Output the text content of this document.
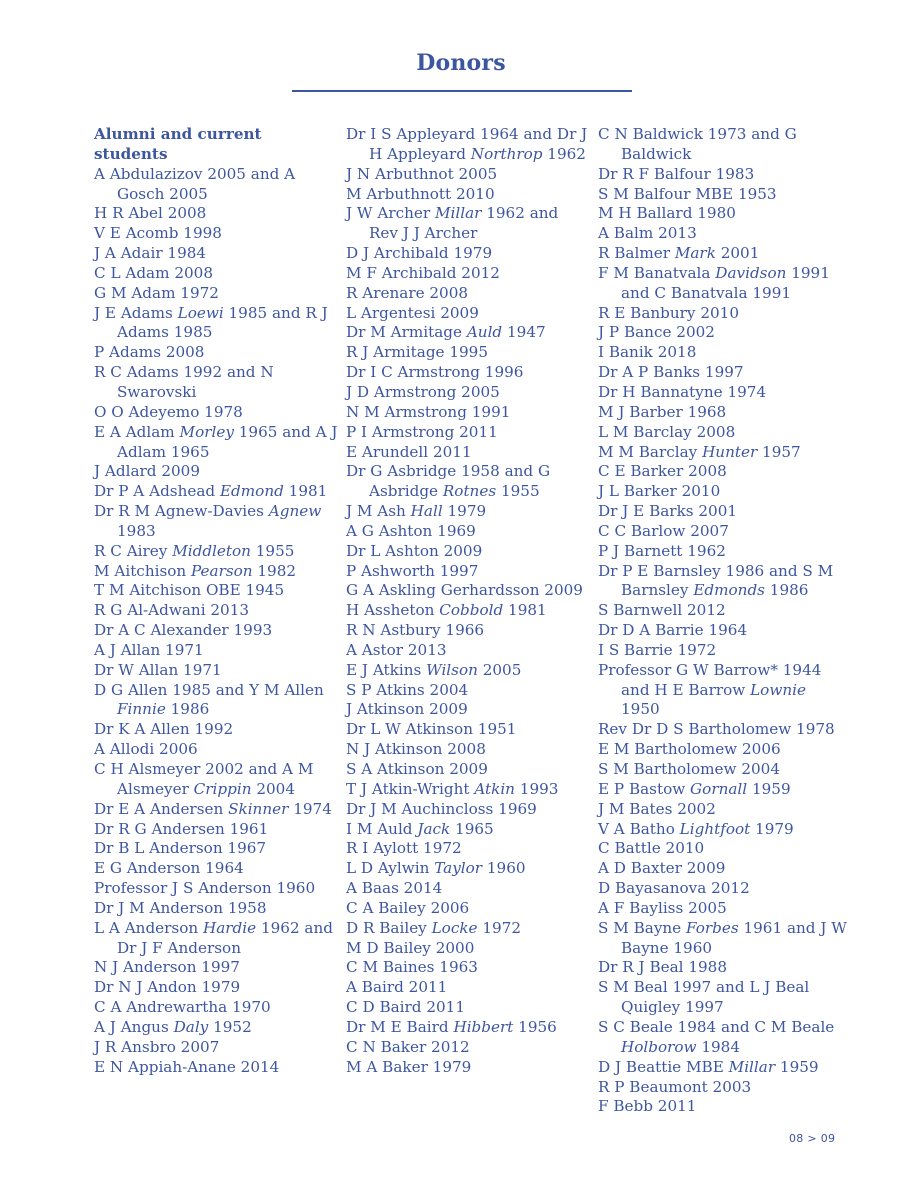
Donors
Alumni and current students
A Abdulazizov 2005 and A Gosch 2005
H R Abel 2008
V E Acomb 1998
J A Adair 1984
C L Adam 2008
G M Adam 1972
J E Adams Loewi 1985 and R J Adams 1985
P Adams 2008
R C Adams 1992 and N Swarovski
O O Adeyemo 1978
E A Adlam Morley 1965 and A J Adlam 1965
J Adlard 2009
Dr P A Adshead Edmond 1981
Dr R M Agnew-Davies Agnew 1983
R C Airey Middleton 1955
M Aitchison Pearson 1982
T M Aitchison OBE 1945
R G Al-Adwani 2013
Dr A C Alexander 1993
A J Allan 1971
Dr W Allan 1971
D G Allen 1985 and Y M Allen Finnie 1986
Dr K A Allen 1992
A Allodi 2006
C H Alsmeyer 2002 and A M Alsmeyer Crippin 2004
Dr E A Andersen Skinner 1974
Dr R G Andersen 1961
Dr B L Anderson 1967
E G Anderson 1964
Professor J S Anderson 1960
Dr J M Anderson 1958
L A Anderson Hardie 1962 and Dr J F Anderson
N J Anderson 1997
Dr N J Andon 1979
C A Andrewartha 1970
A J Angus Daly 1952
J R Ansbro 2007
E N Appiah-Anane 2014
Dr I S Appleyard 1964 and Dr J H Appleyard Northrop 1962
J N Arbuthnot 2005
M Arbuthnott 2010
J W Archer Millar 1962 and Rev J J Archer
D J Archibald 1979
M F Archibald 2012
R Arenare 2008
L Argentesi 2009
Dr M Armitage Auld 1947
R J Armitage 1995
Dr I C Armstrong 1996
J D Armstrong 2005
N M Armstrong 1991
P I Armstrong 2011
E Arundell 2011
Dr G Asbridge 1958 and G Asbridge Rotnes 1955
J M Ash Hall 1979
A G Ashton 1969
Dr L Ashton 2009
P Ashworth 1997
G A Askling Gerhardsson 2009
H Assheton Cobbold 1981
R N Astbury 1966
A Astor 2013
E J Atkins Wilson 2005
S P Atkins 2004
J Atkinson 2009
Dr L W Atkinson 1951
N J Atkinson 2008
S A Atkinson 2009
T J Atkin-Wright Atkin 1993
Dr J M Auchincloss 1969
I M Auld Jack 1965
R I Aylott 1972
L D Aylwin Taylor 1960
A Baas 2014
C A Bailey 2006
D R Bailey Locke 1972
M D Bailey 2000
C M Baines 1963
A Baird 2011
C D Baird 2011
Dr M E Baird Hibbert 1956
C N Baker 2012
M A Baker 1979
C N Baldwick 1973 and G Baldwick
Dr R F Balfour 1983
S M Balfour MBE 1953
M H Ballard 1980
A Balm 2013
R Balmer Mark 2001
F M Banatvala Davidson 1991 and C Banatvala 1991
R E Banbury 2010
J P Bance 2002
I Banik 2018
Dr A P Banks 1997
Dr H Bannatyne 1974
M J Barber 1968
L M Barclay 2008
M M Barclay Hunter 1957
C E Barker 2008
J L Barker 2010
Dr J E Barks 2001
C C Barlow 2007
P J Barnett 1962
Dr P E Barnsley 1986 and S M Barnsley Edmonds 1986
S Barnwell 2012
Dr D A Barrie 1964
I S Barrie 1972
Professor G W Barrow* 1944 and H E Barrow Lownie 1950
Rev Dr D S Bartholomew 1978
E M Bartholomew 2006
S M Bartholomew 2004
E P Bastow Gornall 1959
J M Bates 2002
V A Batho Lightfoot 1979
C Battle 2010
A D Baxter 2009
D Bayasanova 2012
A F Bayliss 2005
S M Bayne Forbes 1961 and J W Bayne 1960
Dr R J Beal 1988
S M Beal 1997 and L J Beal Quigley 1997
S C Beale 1984 and C M Beale Holborow 1984
D J Beattie MBE Millar 1959
R P Beaumont 2003
F Bebb 2011
08 > 09
